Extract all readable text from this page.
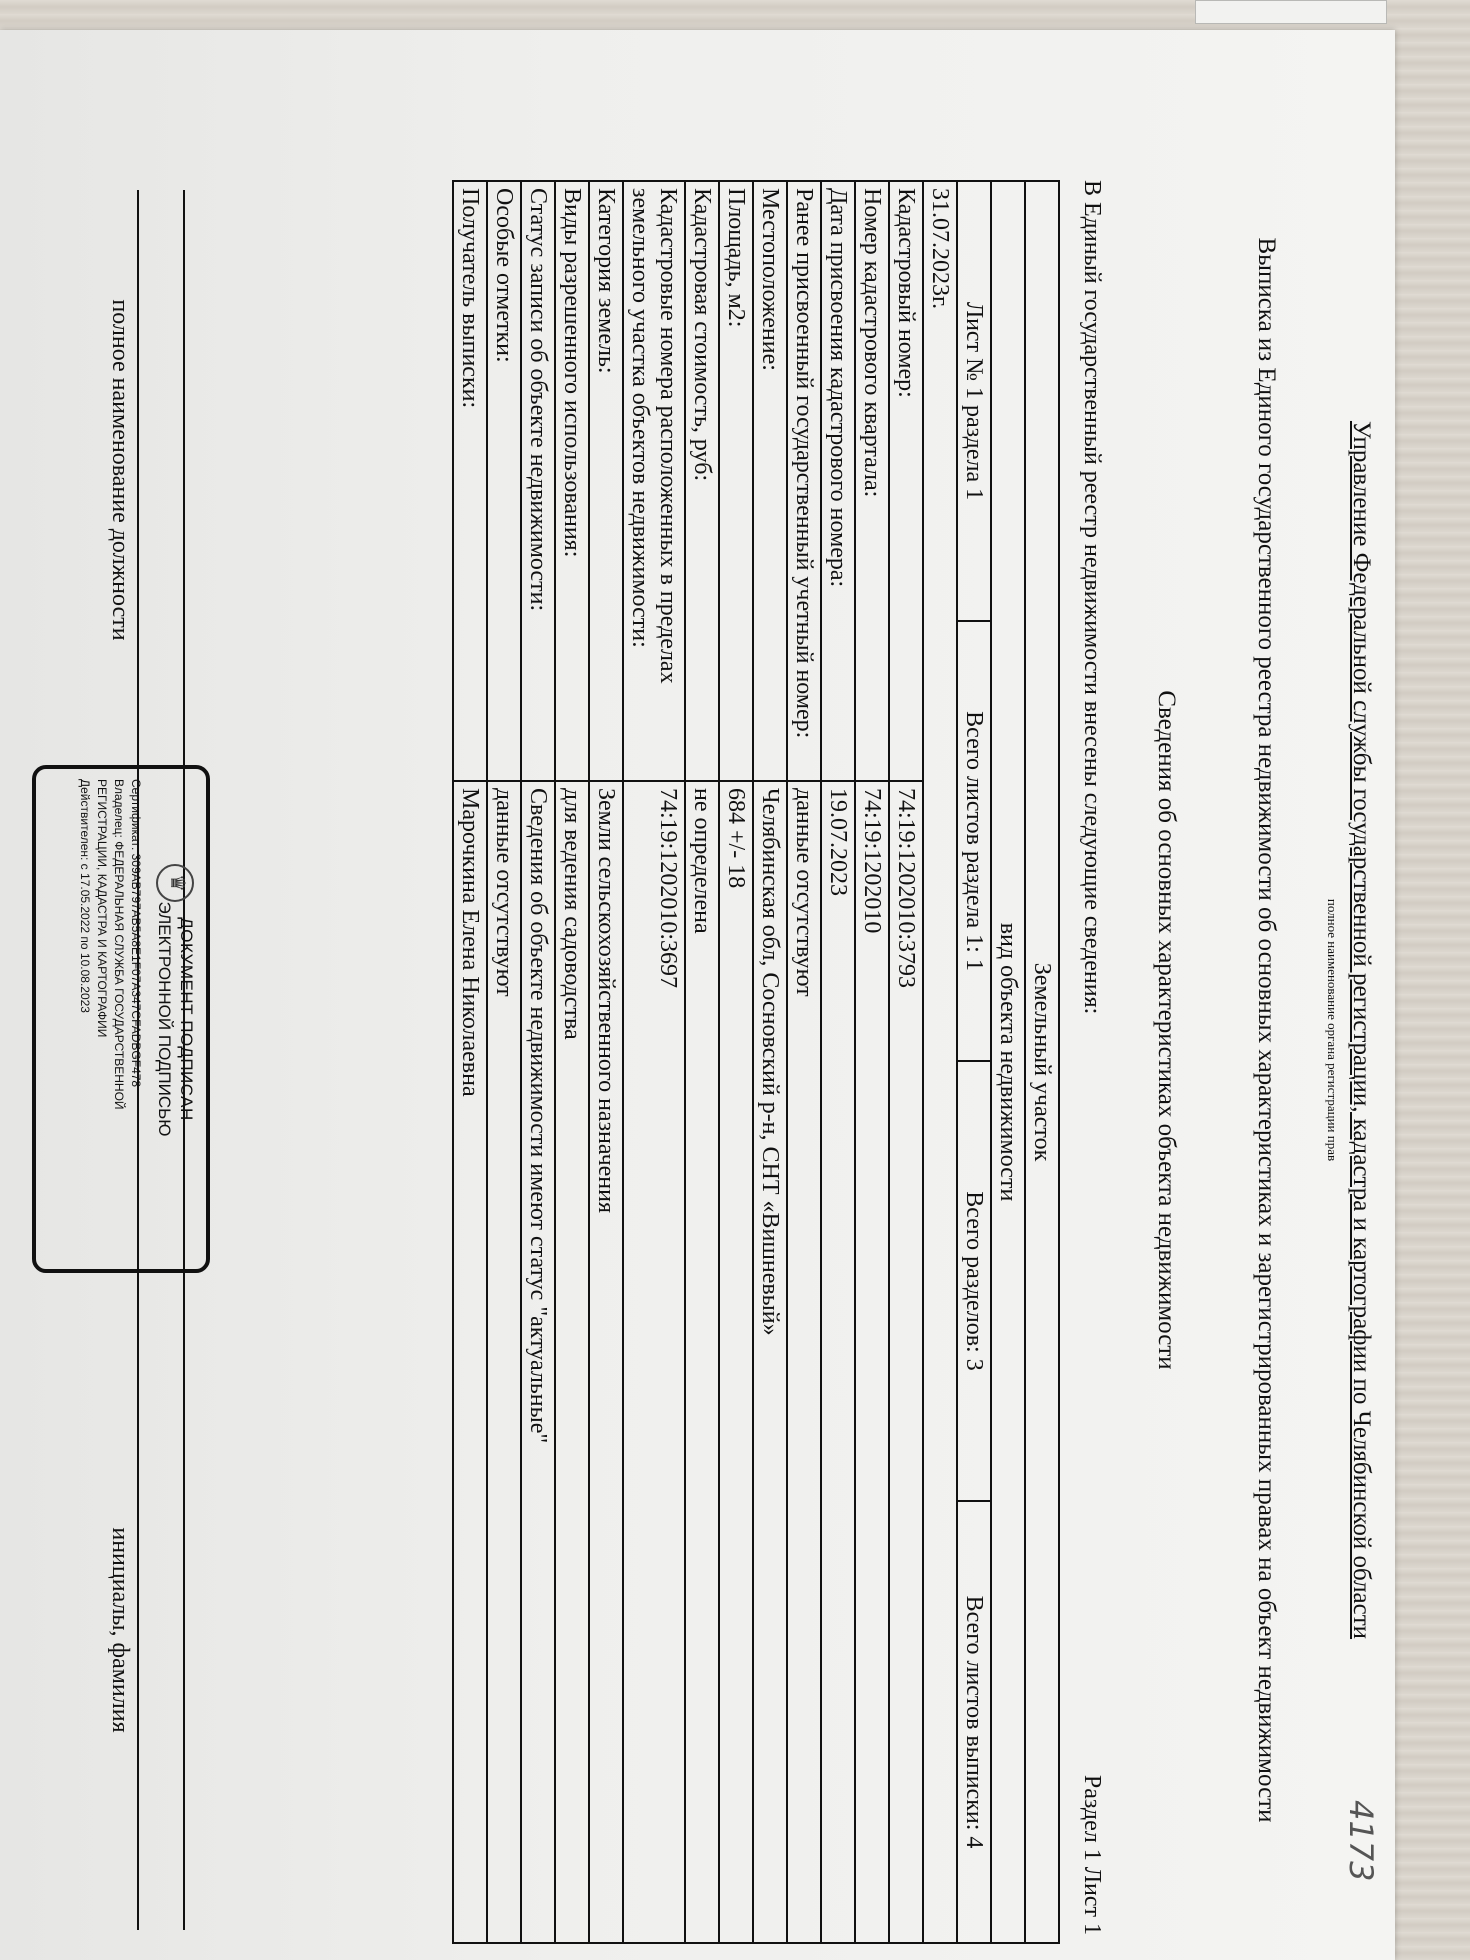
Управление Федеральной службы государственной регистрации, кадастра и картографии по Челябинской области
полное наименование органа регистрации прав
Выписка из Единого государственного реестра недвижимости об основных характеристиках и зарегистрированных правах на объект недвижимости
Сведения об основных характеристиках объекта недвижимости
Раздел 1 Лист 1
В Единый государственный реестр недвижимости внесены следующие сведения:
Земельный участок
вид объекта недвижимости
Лист № 1 раздела 1
Всего листов раздела 1: 1
Всего разделов: 3
Всего листов выписки: 4
31.07.2023г.
Кадастровый номер:
74:19:1202010:3793
Номер кадастрового квартала:
74:19:1202010
Дата присвоения кадастрового номера:
19.07.2023
Ранее присвоенный государственный учетный номер:
данные отсутствуют
Местоположение:
Челябинская обл, Сосновский р-н, СНТ «Вишневый»
Площадь, м2:
684 +/- 18
Кадастровая стоимость, руб:
не определена
Кадастровые номера расположенных в пределах земельного участка объектов недвижимости:
74:19:1202010:3697
Категория земель:
Земли сельскохозяйственного назначения
Виды разрешенного использования:
для ведения садоводства
Статус записи об объекте недвижимости:
Сведения об объекте недвижимости имеют статус "актуальные"
Особые отметки:
данные отсутствуют
Получатель выписки:
Марочкина Елена Николаевна
полное наименование должности
инициалы, фамилия
♛
ДОКУМЕНТ ПОДПИСАН
ЭЛЕКТРОННОЙ ПОДПИСЬЮ
Сертификат: 309AB797AB5A8E1F07A347CFADBGF478
Владелец: ФЕДЕРАЛЬНАЯ СЛУЖБА ГОСУДАРСТВЕННОЙ
РЕГИСТРАЦИИ, КАДАСТРА И КАРТОГРАФИИ
Действителен: с 17.05.2022 по 10.08.2023
4173
